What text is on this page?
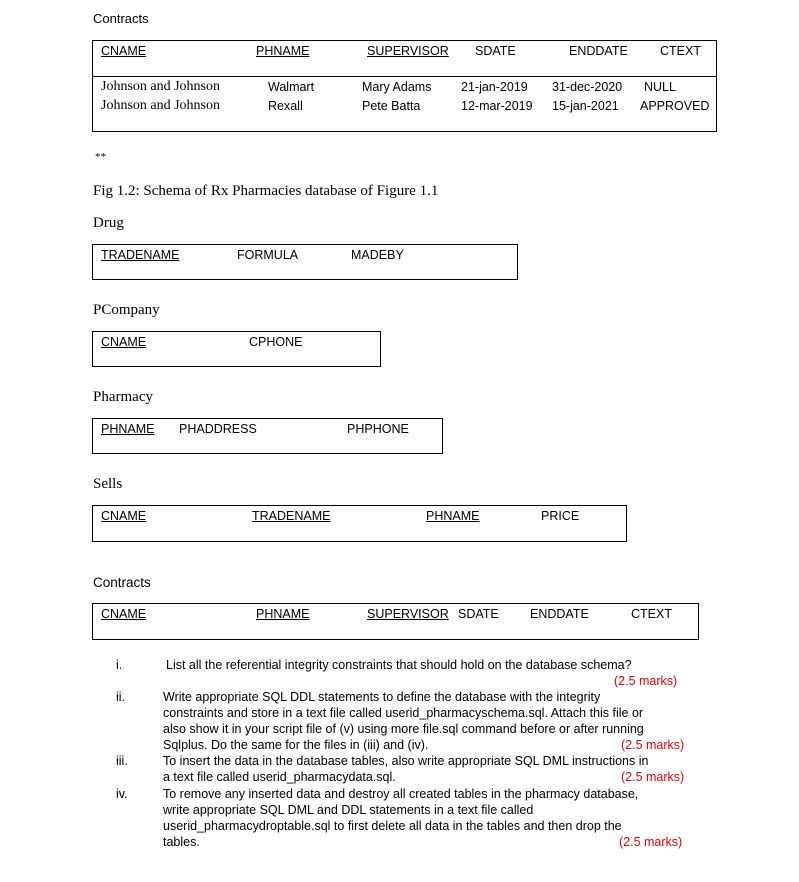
Contracts
CNAME	PHNAME	SUPERVISOR SDATE	ENDDATE	CTEXT
Johnson and Johnson	Walmart	Mary Adams 21-jan-2019 31-dec-2020 NULL
Johnson and Johnson	Rexall	Pete Batta	12-mar-2019 15-jan-2021 APPROVED
**
Fig 1.2: Schema of Rx Pharmacies database of Figure 1.1
Drug
TRADENAME	FORMULA	MADEBY
PCompany
CNAME	CPHONE
Pharmacy
PHNAME PHADDRESS	PHPHONE
Sells
CNAME	TRADENAME	PHNAME	PRICE
Contracts
CNAME	PHNAME	SUPERVISOR SDATE	ENDDATE	CTEXT
i.	List all the referential integrity constraints that should hold on the database schema?
(2.5 marks)
ii.	Write appropriate SQL DDL statements to define the database with the integrity
constraints and store in a text file called userid_pharmacyschema.sql. Attach this file or
also show it in your script file of (v) using more file.sql command before or after running
Sqlplus. Do the same for the files in (iii) and (iv).	(2.5 marks)
iii.	To insert the data in the database tables, also write appropriate SQL DML instructions in
a text file called userid_pharmacydata.sql.	(2.5 marks)
iv.	To remove any inserted data and destroy all created tables in the pharmacy database,
write appropriate SQL DML and DDL statements in a text file called
userid_pharmacydroptable.sql to first delete all data in the tables and then drop the
tables.	(2.5 marks)
